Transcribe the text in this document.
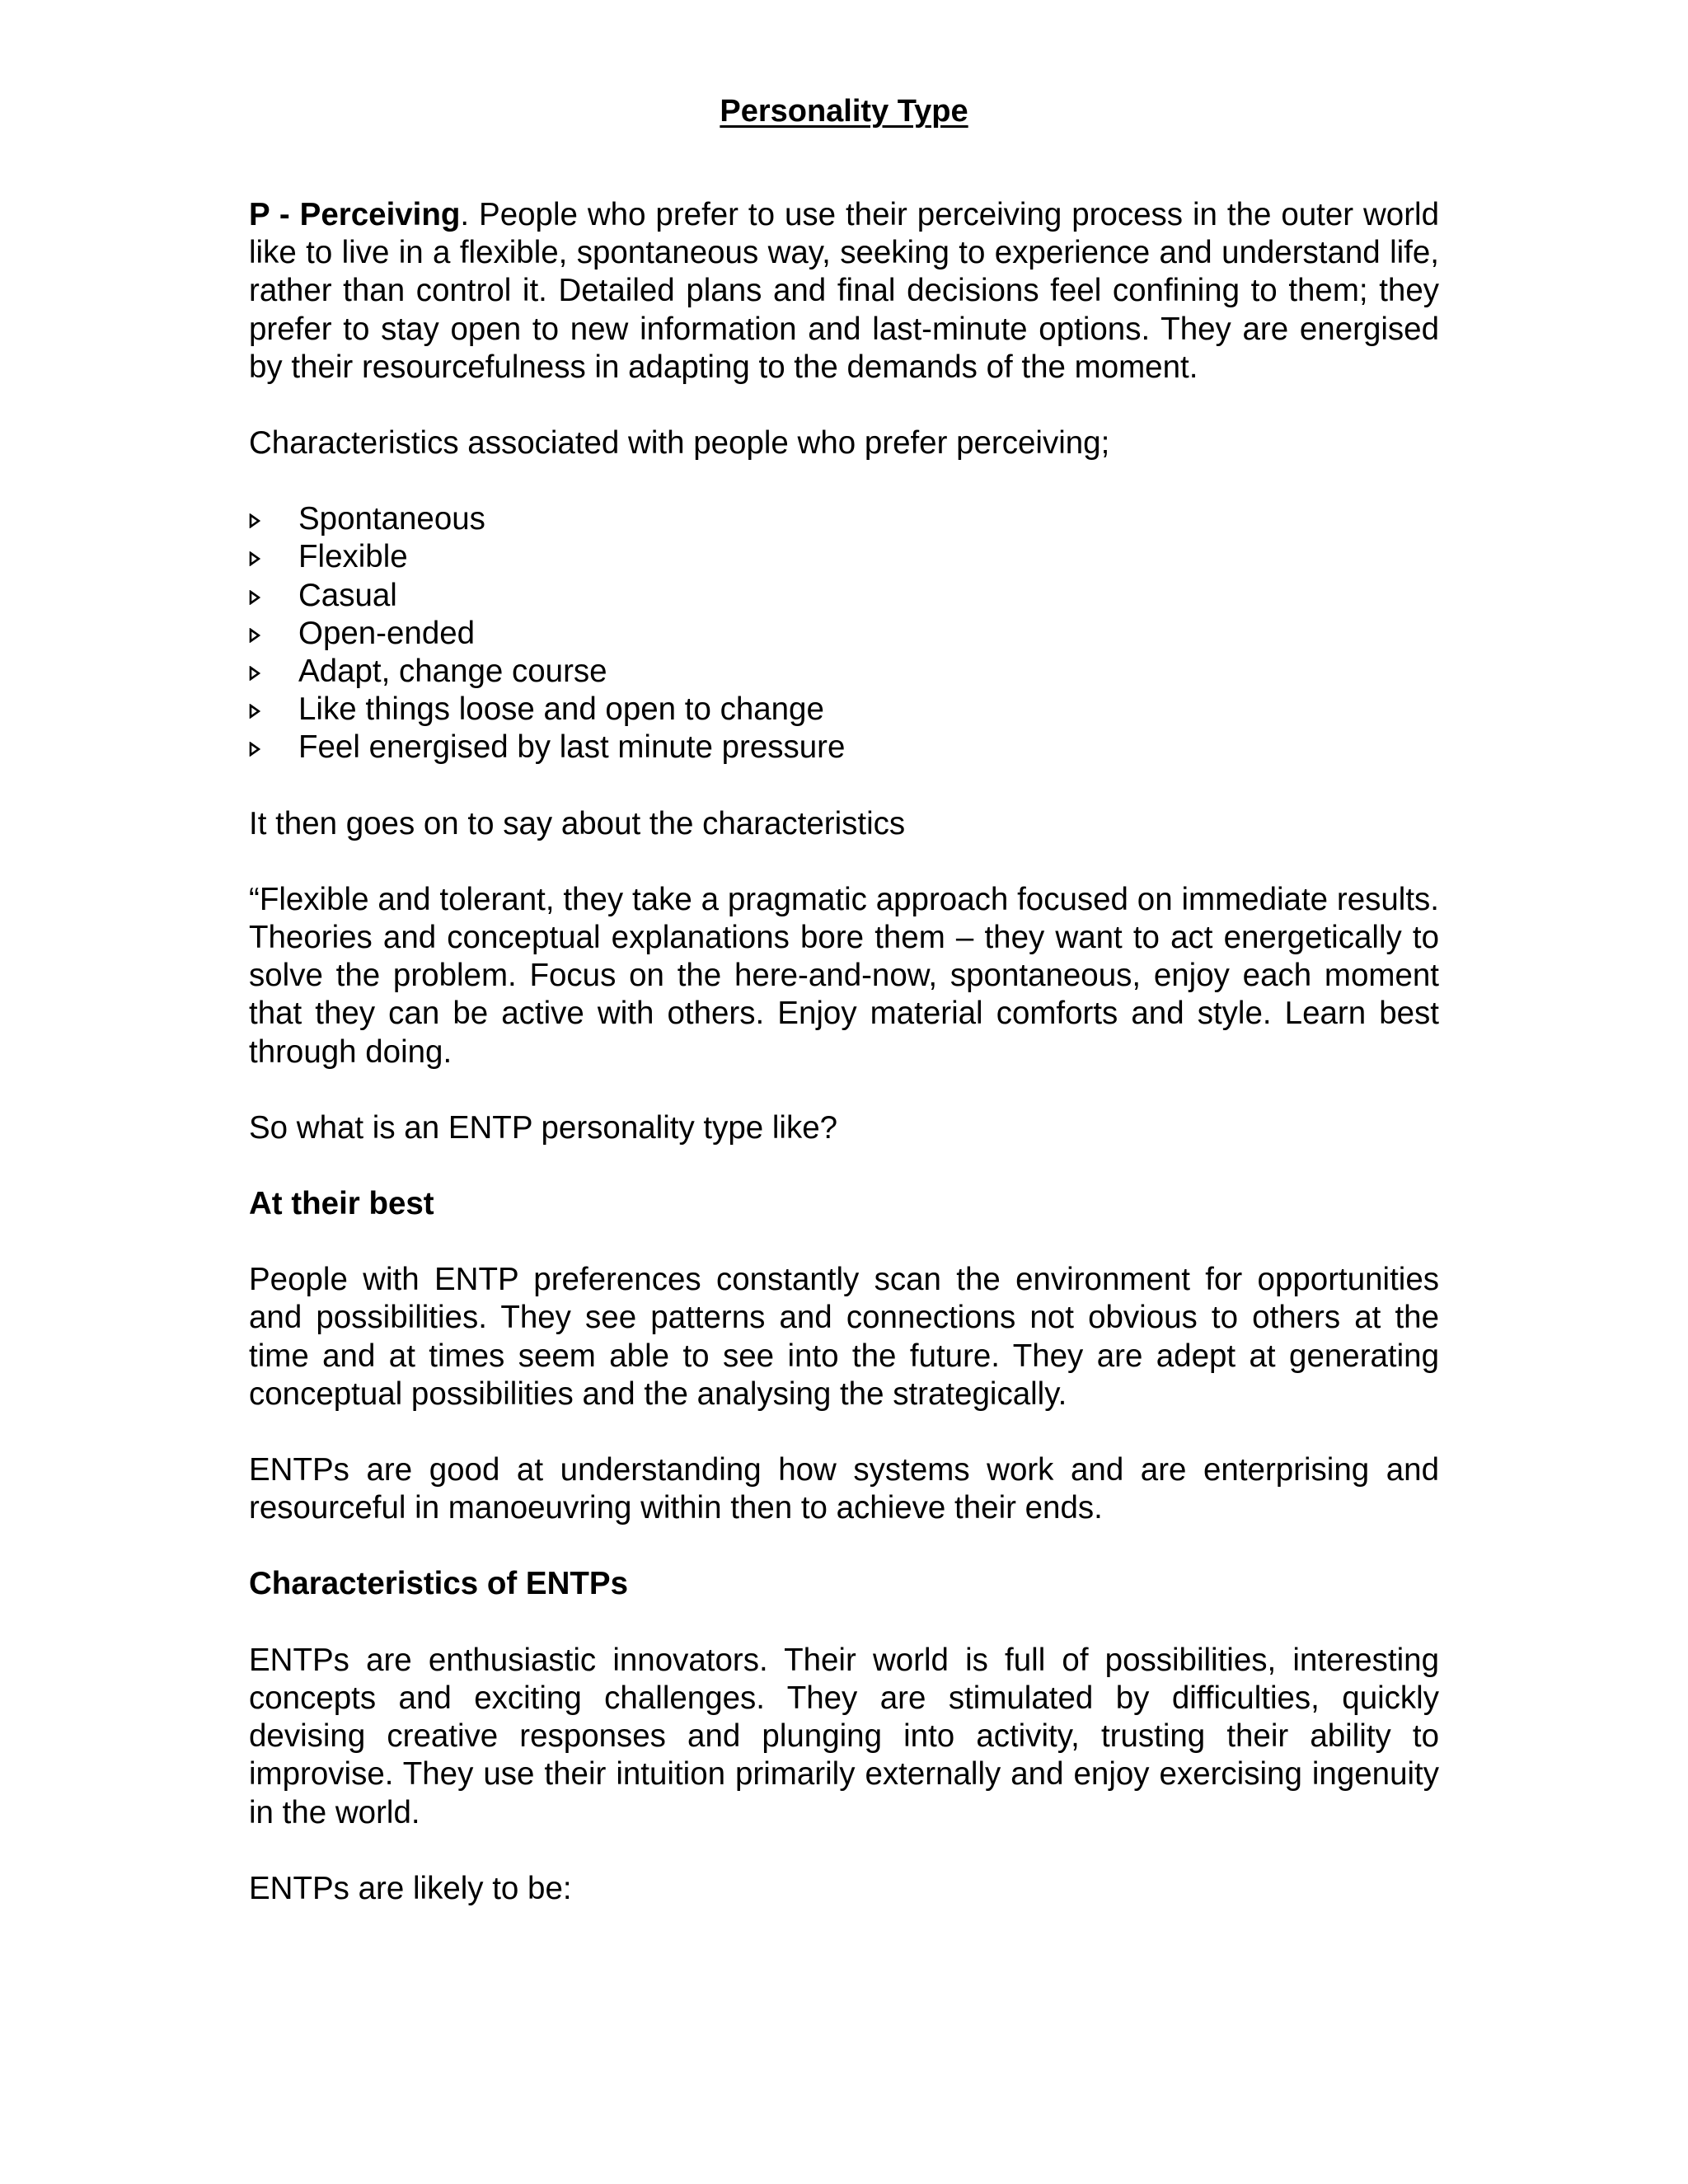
Personality Type

P - Perceiving. People who prefer to use their perceiving process in the outer world like to live in a flexible, spontaneous way, seeking to experience and understand life, rather than control it. Detailed plans and final decisions feel confining to them; they prefer to stay open to new information and last-minute options. They are energised by their resourcefulness in adapting to the demands of the moment.

Characteristics associated with people who prefer perceiving;

Spontaneous
Flexible
Casual
Open-ended
Adapt, change course
Like things loose and open to change
Feel energised by last minute pressure

It then goes on to say about the characteristics

“Flexible and tolerant, they take a pragmatic approach focused on immediate results. Theories and conceptual explanations bore them – they want to act energetically to solve the problem. Focus on the here-and-now, spontaneous, enjoy each moment that they can be active with others. Enjoy material comforts and style. Learn best through doing.

So what is an ENTP personality type like?

At their best

People with ENTP preferences constantly scan the environment for opportunities and possibilities. They see patterns and connections not obvious to others at the time and at times seem able to see into the future. They are adept at generating conceptual possibilities and the analysing the strategically.

ENTPs are good at understanding how systems work and are enterprising and resourceful in manoeuvring within then to achieve their ends.

Characteristics of ENTPs

ENTPs are enthusiastic innovators. Their world is full of possibilities, interesting concepts and exciting challenges. They are stimulated by difficulties, quickly devising creative responses and plunging into activity, trusting their ability to improvise. They use their intuition primarily externally and enjoy exercising ingenuity in the world.

ENTPs are likely to be:
